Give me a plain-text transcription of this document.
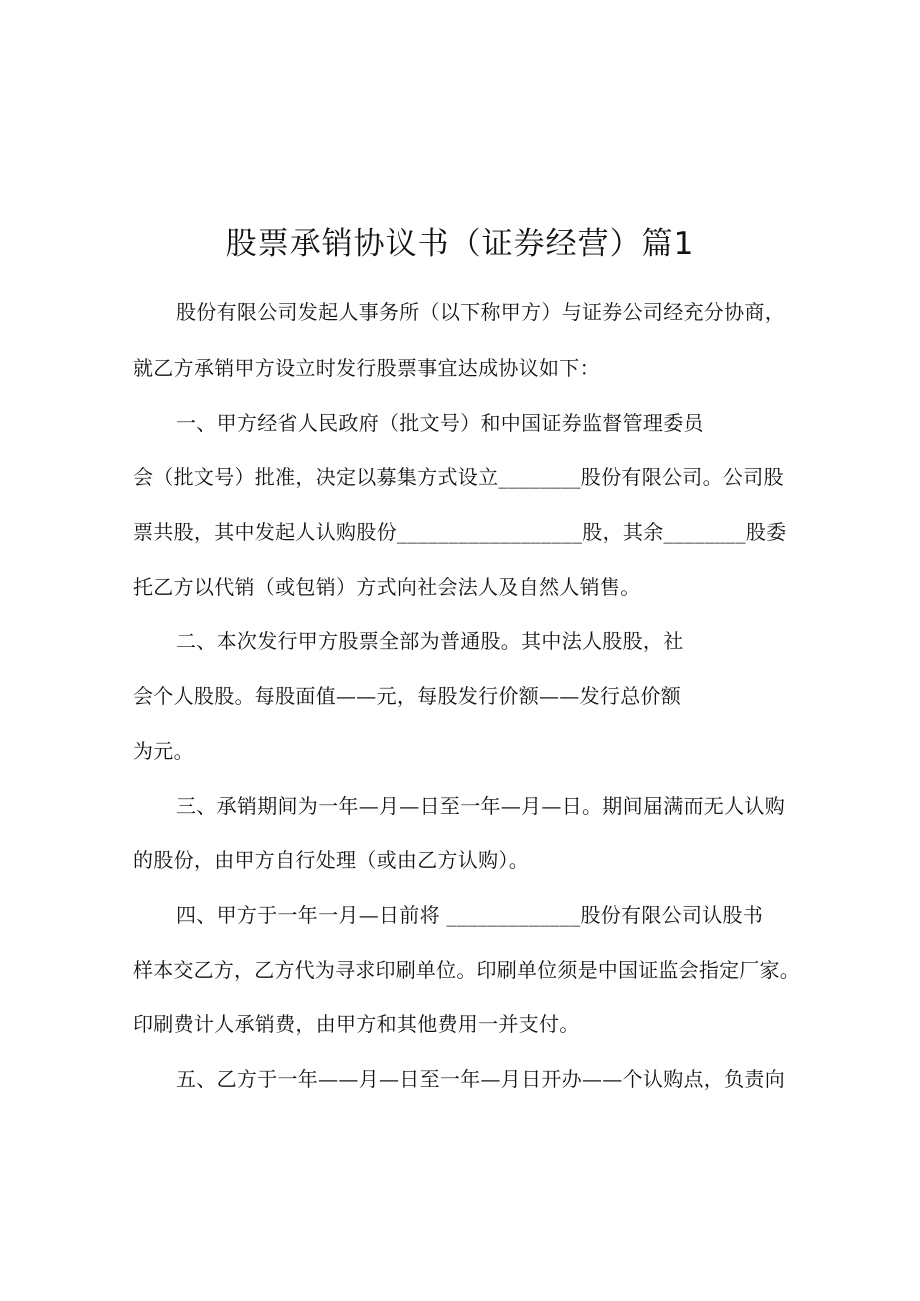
股票承销协议书（证券经营）篇1
股份有限公司发起人事务所（以下称甲方）与证券公司经充分协商，
就乙方承销甲方设立时发行股票事宜达成协议如下：
一、甲方经省人民政府（批文号）和中国证券监督管理委员
会（批文号）批准，决定以募集方式设立________股份有限公司。公司股
票共股，其中发起人认购股份__________________股，其余________股委
托乙方以代销（或包销）方式向社会法人及自然人销售。
二、本次发行甲方股票全部为普通股。其中法人股股，社
会个人股股。每股面值——元，每股发行价额——发行总价额
为元。
三、承销期间为一年—月—日至一年—月—日。期间届满而无人认购
的股份，由甲方自行处理（或由乙方认购）。
四、甲方于一年一月—日前将 _____________股份有限公司认股书
样本交乙方，乙方代为寻求印刷单位。印刷单位须是中国证监会指定厂家。
印刷费计人承销费，由甲方和其他费用一并支付。
五、乙方于一年——月—日至一年—月日开办——个认购点，负责向
